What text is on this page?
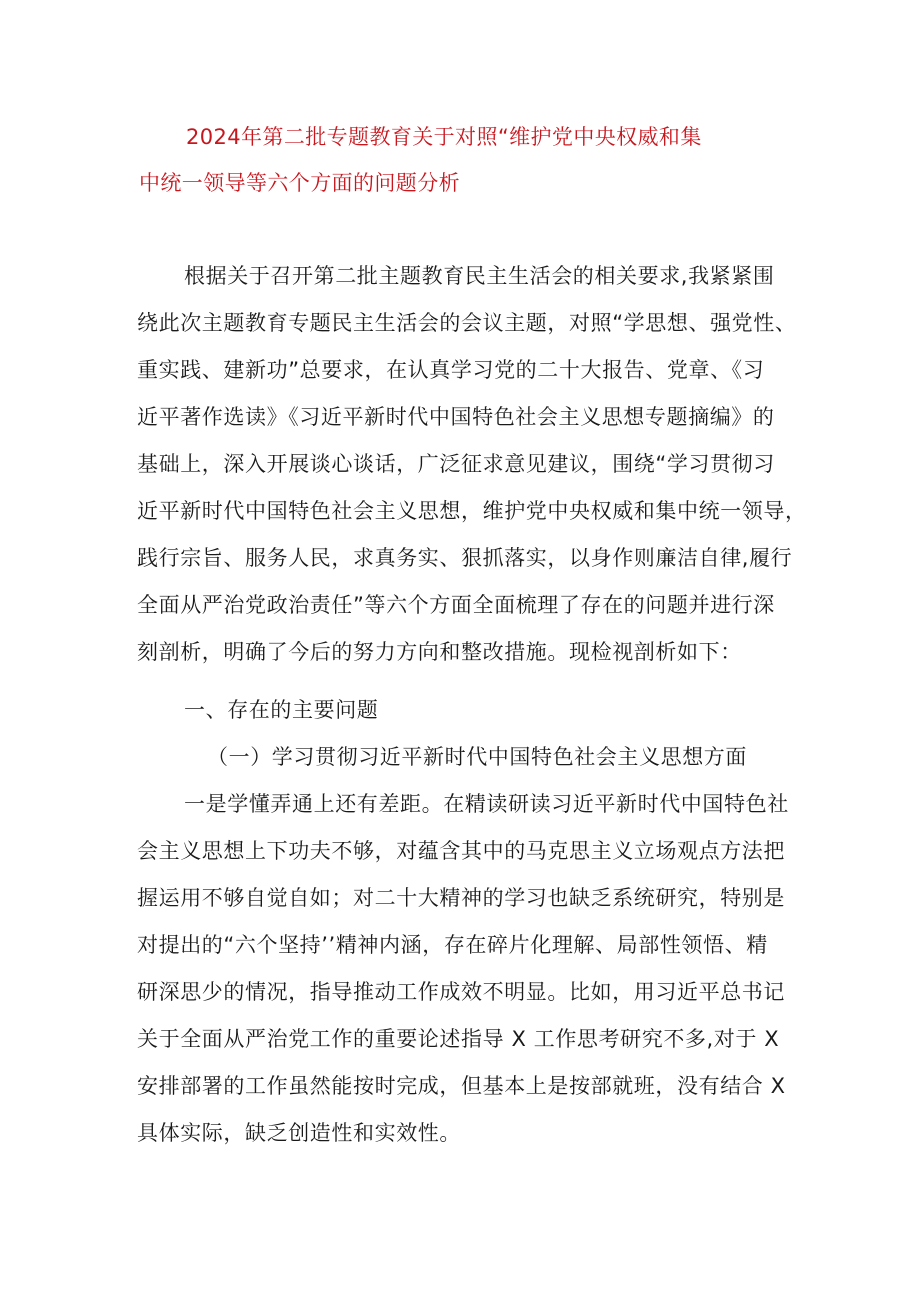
2024年第二批专题教育关于对照“维护党中央权威和集
中统一领导等六个方面的问题分析
根据关于召开第二批主题教育民主生活会的相关要求,我紧紧围
绕此次主题教育专题民主生活会的会议主题，对照“学思想、强党性、
重实践、建新功”总要求，在认真学习党的二十大报告、党章、《习
近平著作选读》《习近平新时代中国特色社会主义思想专题摘编》的
基础上，深入开展谈心谈话，广泛征求意见建议，围绕“学习贯彻习
近平新时代中国特色社会主义思想，维护党中央权威和集中统一领导，
践行宗旨、服务人民，求真务实、狠抓落实，以身作则廉洁自律,履行
全面从严治党政治责任”等六个方面全面梳理了存在的问题并进行深
刻剖析，明确了今后的努力方向和整改措施。现检视剖析如下：
一、存在的主要问题
（一）学习贯彻习近平新时代中国特色社会主义思想方面
一是学懂弄通上还有差距。在精读研读习近平新时代中国特色社
会主义思想上下功夫不够，对蕴含其中的马克思主义立场观点方法把
握运用不够自觉自如；对二十大精神的学习也缺乏系统研究，特别是
对提出的“六个坚持’’精神内涵，存在碎片化理解、局部性领悟、精
研深思少的情况，指导推动工作成效不明显。比如，用习近平总书记
关于全面从严治党工作的重要论述指导 X 工作思考研究不多,对于 X
安排部署的工作虽然能按时完成，但基本上是按部就班，没有结合 X
具体实际，缺乏创造性和实效性。
